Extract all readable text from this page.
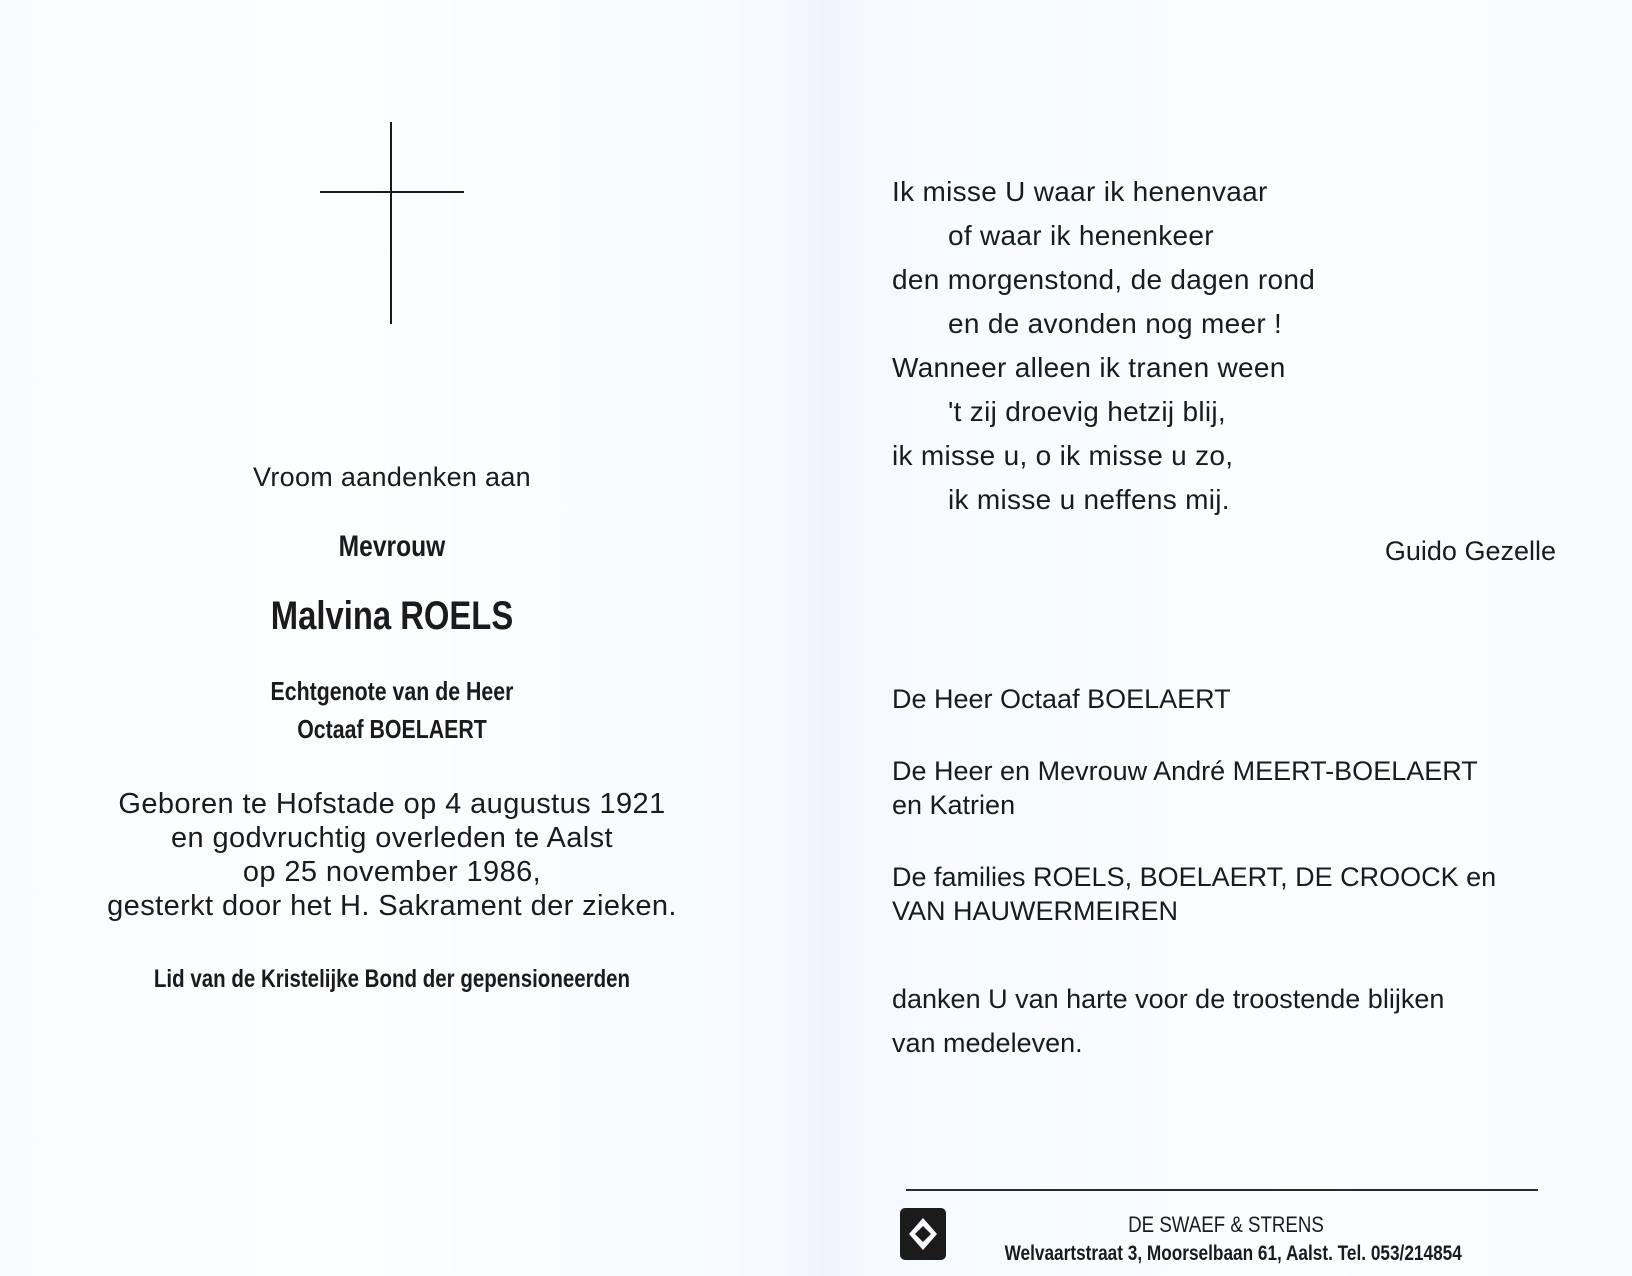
Vroom aandenken aan
Mevrouw
Malvina ROELS
Echtgenote van de Heer
Octaaf BOELAERT
Geboren te Hofstade op 4 augustus 1921
en godvruchtig overleden te Aalst
op 25 november 1986,
gesterkt door het H. Sakrament der zieken.
Lid van de Kristelijke Bond der gepensioneerden
Ik misse U waar ik henenvaar
of waar ik henenkeer
den morgenstond, de dagen rond
en de avonden nog meer !
Wanneer alleen ik tranen ween
't zij droevig hetzij blij,
ik misse u, o ik misse u zo,
ik misse u neffens mij.
Guido Gezelle
De Heer Octaaf BOELAERT
De Heer en Mevrouw André MEERT-BOELAERT
en Katrien
De families ROELS, BOELAERT, DE CROOCK en
VAN HAUWERMEIREN
danken U van harte voor de troostende blijken
van medeleven.
DE SWAEF & STRENS
Welvaartstraat 3, Moorselbaan 61, Aalst. Tel. 053/214854
